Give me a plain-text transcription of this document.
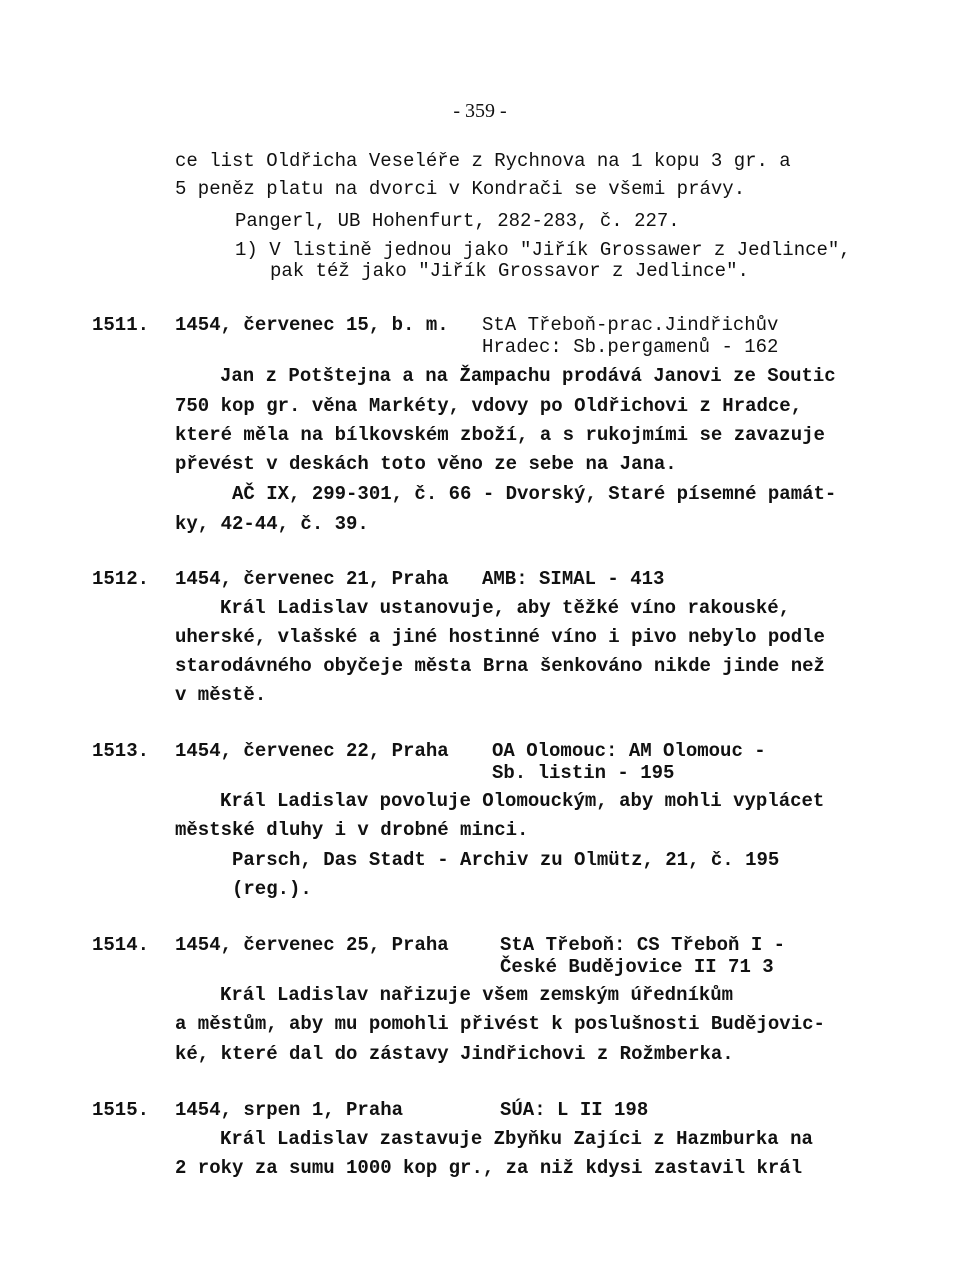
- 359 -
ce list Oldřicha Veseléře z Rychnova na 1 kopu 3 gr. a
5 peněz platu na dvorci v Kondrači se všemi právy.
Pangerl, UB Hohenfurt, 282-283, č. 227.
1) V listině jednou jako "Jiřík Grossawer z Jedlince",
pak též jako "Jiřík Grossavor z Jedlince".
1511. 1454, červenec 15, b. m. StA Třeboň-prac.Jindřichův
Hradec: Sb.pergamenů - 162
Jan z Potštejna a na Žampachu prodává Janovi ze Soutic
750 kop gr. věna Markéty, vdovy po Oldřichovi z Hradce,
které měla na bílkovském zboží, a s rukojmími se zavazuje
převést v deskách toto věno ze sebe na Jana.
AČ IX, 299-301, č. 66 - Dvorský, Staré písemné památ-
ky, 42-44, č. 39.
1512. 1454, červenec 21, Praha AMB: SIMAL - 413
Král Ladislav ustanovuje, aby těžké víno rakouské,
uherské, vlašské a jiné hostinné víno i pivo nebylo podle
starodávného obyčeje města Brna šenkováno nikde jinde než
v městě.
1513. 1454, červenec 22, Praha OA Olomouc: AM Olomouc -
Sb. listin - 195
Král Ladislav povoluje Olomouckým, aby mohli vyplácet
městské dluhy i v drobné minci.
Parsch, Das Stadt - Archiv zu Olmütz, 21, č. 195
(reg.).
1514. 1454, červenec 25, Praha	StA Třeboň: CS Třeboň I -
České Budějovice II 71 3
Král Ladislav nařizuje všem zemským úředníkům
a městům, aby mu pomohli přivést k poslušnosti Budějovic-
ké, které dal do zástavy Jindřichovi z Rožmberka.
1515. 1454, srpen 1, Praha	SÚA: L II 198
Král Ladislav zastavuje Zbyňku Zajíci z Hazmburka na
2 roky za sumu 1000 kop gr., za niž kdysi zastavil král
